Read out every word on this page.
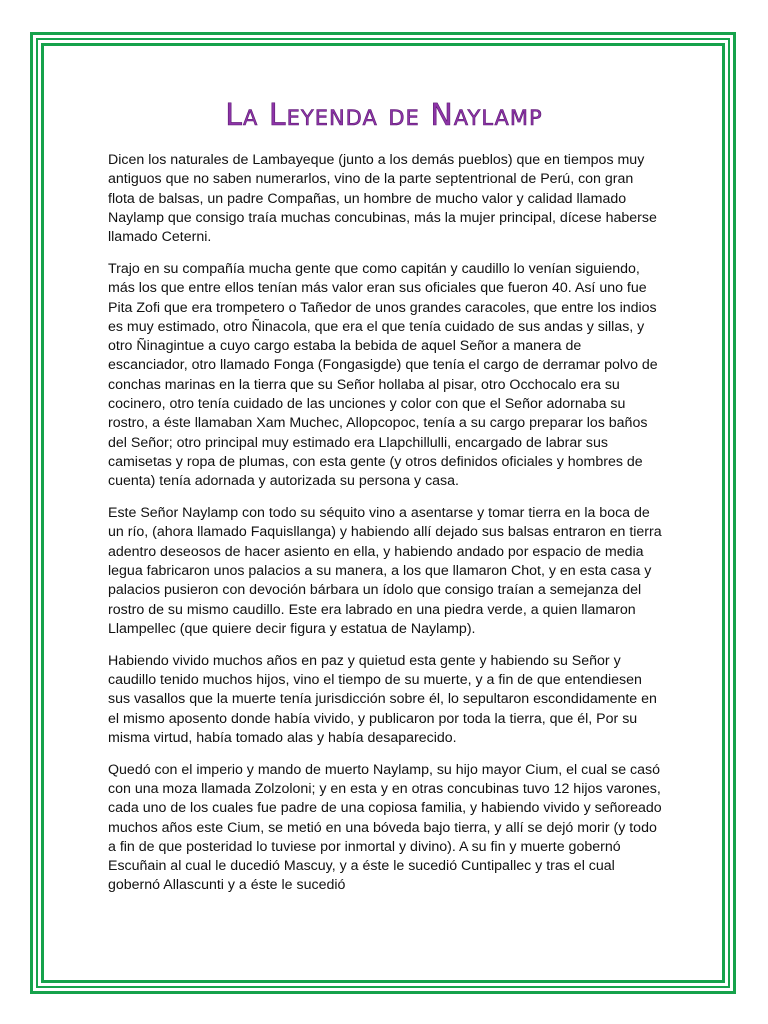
La Leyenda de Naylamp

Dicen los naturales de Lambayeque (junto a los demás pueblos) que en tiempos muy antiguos que no saben numerarlos, vino de la parte septentrional de Perú, con gran flota de balsas, un padre Compañas, un hombre de mucho valor y calidad llamado Naylamp que consigo traía muchas concubinas, más la mujer principal, dícese haberse llamado Ceterni.

Trajo en su compañía mucha gente que como capitán y caudillo lo venían siguiendo, más los que entre ellos tenían más valor eran sus oficiales que fueron 40. Así uno fue Pita Zofi que era trompetero o Tañedor de unos grandes caracoles, que entre los indios es muy estimado, otro Ñinacola, que era el que tenía cuidado de sus andas y sillas, y otro Ñinagintue a cuyo cargo estaba la bebida de aquel Señor a manera de escanciador, otro llamado Fonga (Fongasigde) que tenía el cargo de derramar polvo de conchas marinas en la tierra que su Señor hollaba al pisar, otro Occhocalo era su cocinero, otro tenía cuidado de las unciones y color con que el Señor adornaba su rostro, a éste llamaban Xam Muchec, Allopcopoc, tenía a su cargo preparar los baños del Señor; otro principal muy estimado era Llapchillulli, encargado de labrar sus camisetas y ropa de plumas, con esta gente (y otros definidos oficiales y hombres de cuenta) tenía adornada y autorizada su persona y casa.

Este Señor Naylamp con todo su séquito vino a asentarse y tomar tierra en la boca de un río, (ahora llamado Faquisllanga) y habiendo allí dejado sus balsas entraron en tierra adentro deseosos de hacer asiento en ella, y habiendo andado por espacio de media legua fabricaron unos palacios a su manera, a los que llamaron Chot, y en esta casa y palacios pusieron con devoción bárbara un ídolo que consigo traían a semejanza del rostro de su mismo caudillo. Este era labrado en una piedra verde, a quien llamaron Llampellec (que quiere decir figura y estatua de Naylamp).

Habiendo vivido muchos años en paz y quietud esta gente y habiendo su Señor y caudillo tenido muchos hijos, vino el tiempo de su muerte, y a fin de que entendiesen sus vasallos que la muerte tenía jurisdicción sobre él, lo sepultaron escondidamente en el mismo aposento donde había vivido, y publicaron por toda la tierra, que él, Por su misma virtud, había tomado alas y había desaparecido.

Quedó con el imperio y mando de muerto Naylamp, su hijo mayor Cium, el cual se casó con una moza llamada Zolzoloni; y en esta y en otras concubinas tuvo 12 hijos varones, cada uno de los cuales fue padre de una copiosa familia, y habiendo vivido y señoreado muchos años este Cium, se metió en una bóveda bajo tierra, y allí se dejó morir (y todo a fin de que posteridad lo tuviese por inmortal y divino). A su fin y muerte gobernó Escuñain al cual le ducedió Mascuy, y a éste le sucedió Cuntipallec y tras el cual gobernó Allascunti y a éste le sucedió
